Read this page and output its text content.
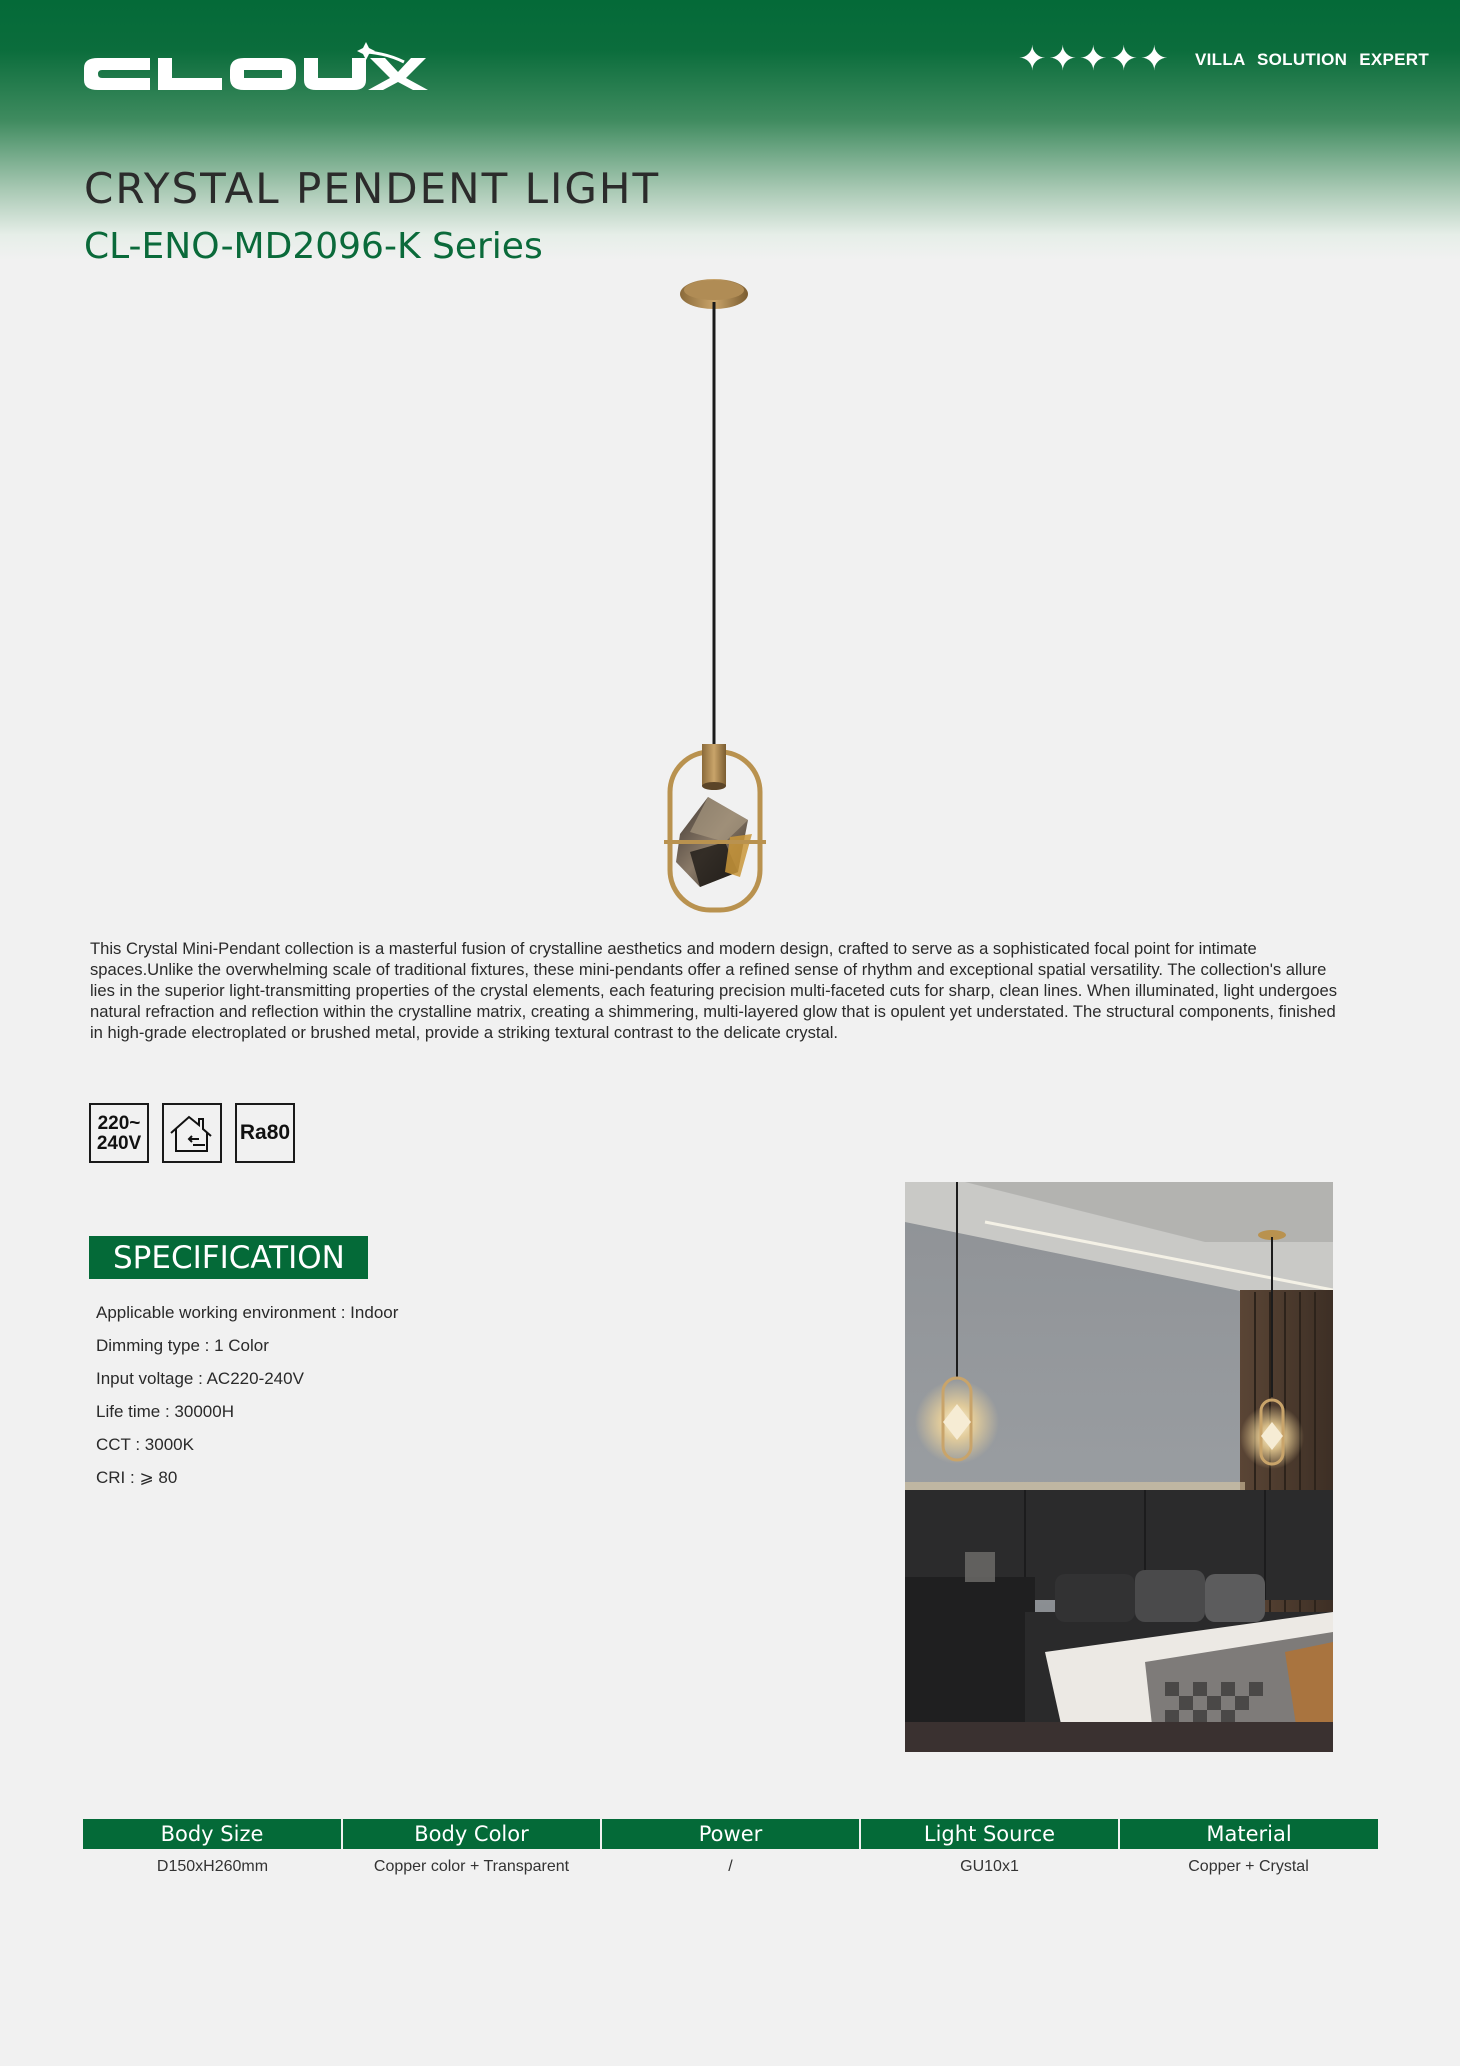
✦ ✦ ✦ ✦ ✦ VILLA SOLUTION EXPERT
CRYSTAL PENDENT LIGHT
CL-ENO-MD2096-K Series

This Crystal Mini-Pendant collection is a masterful fusion of crystalline aesthetics and modern design, crafted to serve as a sophisticated focal point for intimate spaces.Unlike the overwhelming scale of traditional fixtures, these mini-pendants offer a refined sense of rhythm and exceptional spatial versatility. The collection's allure lies in the superior light-transmitting properties of the crystal elements, each featuring precision multi-faceted cuts for sharp, clean lines. When illuminated, light undergoes natural refraction and reflection within the crystalline matrix, creating a shimmering, multi-layered glow that is opulent yet understated. The structural components, finished in high-grade electroplated or brushed metal, provide a striking textural contrast to the delicate crystal.

220~
240V	Ra80
SPECIFICATION
Applicable working environment : Indoor
Dimming type : 1 Color
Input voltage : AC220-240V
Life time : 30000H
CCT : 3000K
CRI : ⩾ 80
Body Size	Body Color	Power	Light Source	Material
D150xH260mm	Copper color + Transparent	/	GU10x1	Copper + Crystal
